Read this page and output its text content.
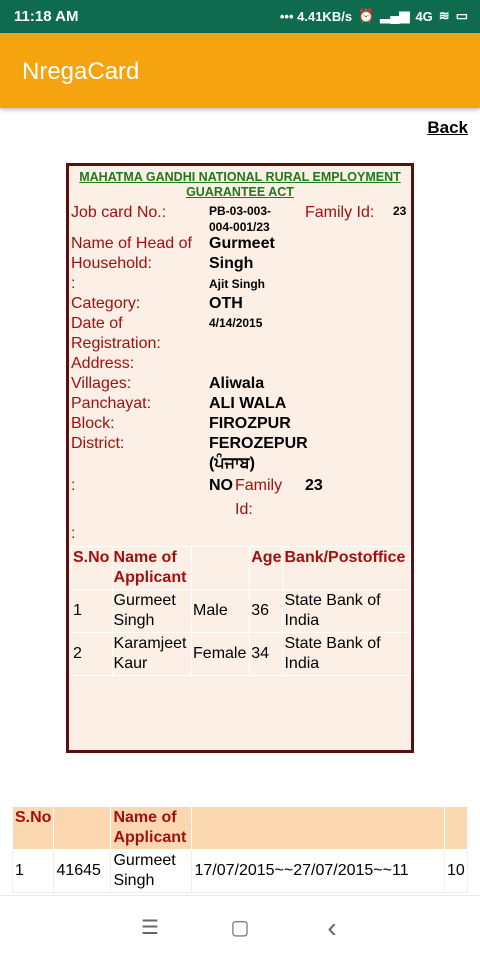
11:18 AM	••• 4.41KB/s ⏰ ▂▄▆ 4G ≋ ▭
NregaCard
Back
MAHATMA GANDHI NATIONAL RURAL EMPLOYMENT
GUARANTEE ACT
Job card No.:	PB-03-003-
004-001/23
Family Id: 23
Name of Head of
Household:
Gurmeet
Singh
:	Ajit Singh
Category:	OTH
Date of
Registration:
4/14/2015
Address:
Villages:	Aliwala
Panchayat:	ALI WALA
Block:	FIROZPUR
District:	FEROZEPUR
(ਪੰਜਾਬ)
:	NO Family
Id:
23
:
S.No	Name of Applicant		Age	Bank/Postoffice
1	Gurmeet Singh	Male	36	State Bank of India
2	Karamjeet Kaur	Female	34	State Bank of India
S.No		Name of Applicant		
1	41645	Gurmeet Singh	17/07/2015~~27/07/2015~~11	10
☰	▢	‹
